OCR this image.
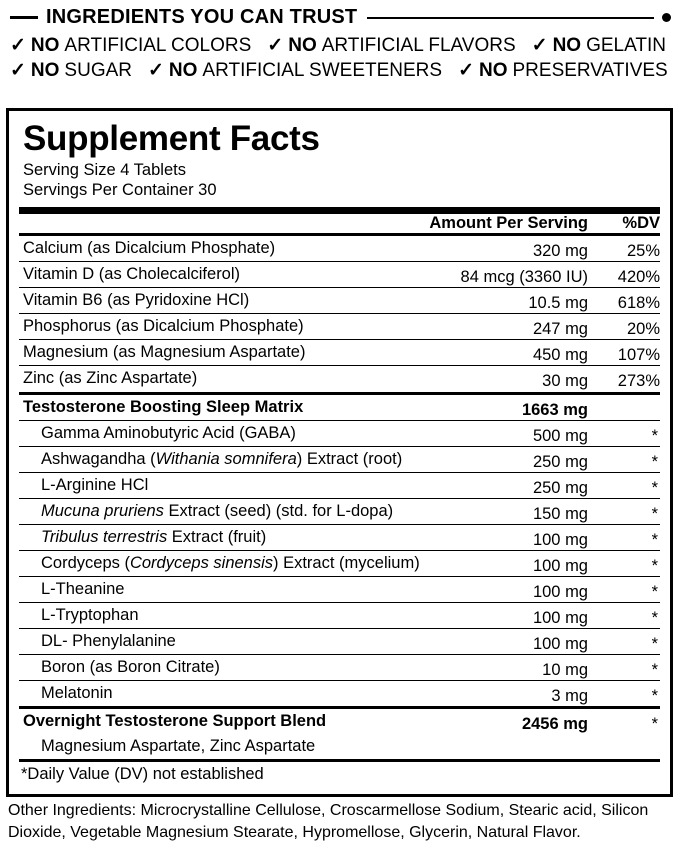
INGREDIENTS YOU CAN TRUST
✓ NO ARTIFICIAL COLORS ✓ NO ARTIFICIAL FLAVORS ✓ NO GELATIN
✓ NO SUGAR ✓ NO ARTIFICIAL SWEETENERS ✓ NO PRESERVATIVES
Supplement Facts
Serving Size 4 Tablets
Servings Per Container 30
	Amount Per Serving	%DV
Calcium (as Dicalcium Phosphate)	320 mg	25%
Vitamin D (as Cholecalciferol)	84 mcg (3360 IU)	420%
Vitamin B6 (as Pyridoxine HCl)	10.5 mg	618%
Phosphorus (as Dicalcium Phosphate)	247 mg	20%
Magnesium (as Magnesium Aspartate)	450 mg	107%
Zinc (as Zinc Aspartate)	30 mg	273%
Testosterone Boosting Sleep Matrix	1663 mg	
Gamma Aminobutyric Acid (GABA)	500 mg	*
Ashwagandha (Withania somnifera) Extract (root)	250 mg	*
L-Arginine HCl	250 mg	*
Mucuna pruriens Extract (seed) (std. for L-dopa)	150 mg	*
Tribulus terrestris Extract (fruit)	100 mg	*
Cordyceps (Cordyceps sinensis) Extract (mycelium)	100 mg	*
L-Theanine	100 mg	*
L-Tryptophan	100 mg	*
DL- Phenylalanine	100 mg	*
Boron (as Boron Citrate)	10 mg	*
Melatonin	3 mg	*
Overnight Testosterone Support Blend	2456 mg	*
Magnesium Aspartate, Zinc Aspartate
*Daily Value (DV) not established
Other Ingredients: Microcrystalline Cellulose, Croscarmellose Sodium, Stearic acid, Silicon Dioxide, Vegetable Magnesium Stearate, Hypromellose, Glycerin, Natural Flavor.
